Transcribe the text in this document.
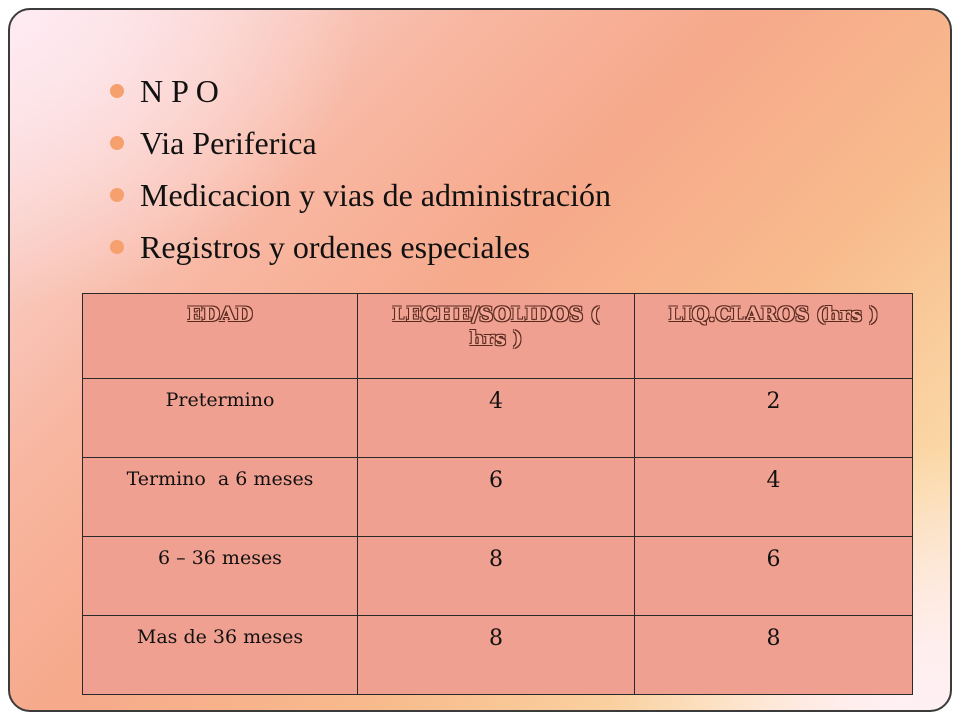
N P O
Via Periferica
Medicacion y vias de administración
Registros y ordenes especiales
EDAD	LECHE/SOLIDOS ( hrs )	LIQ.CLAROS (hrs )

Pretermino	4	2

Termino  a 6 meses	6	4

6 – 36 meses	8	6

Mas de 36 meses	8	8
